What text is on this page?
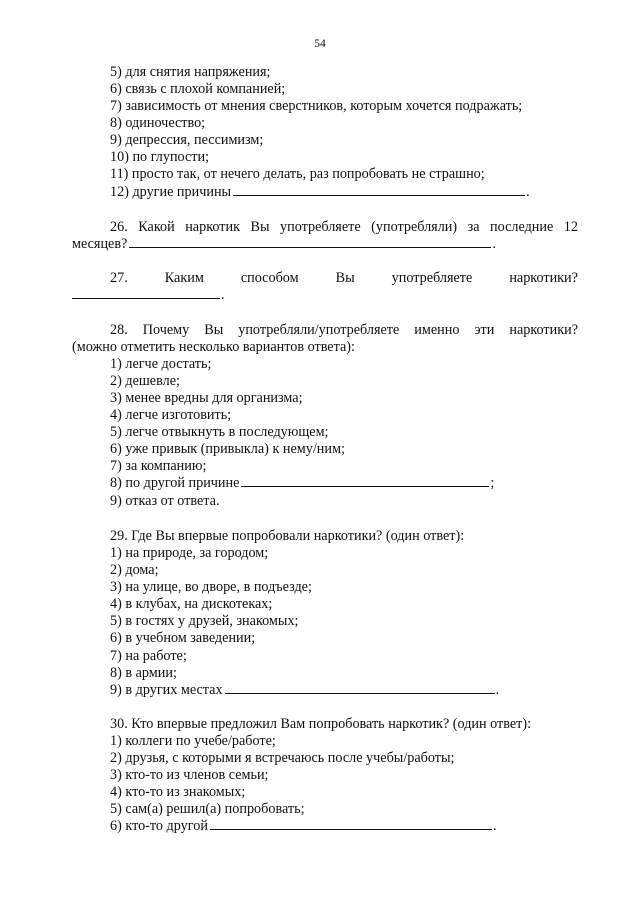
54
5) для снятия напряжения;
6) связь с плохой компанией;
7) зависимость от мнения сверстников, которым хочется подражать;
8) одиночество;
9) депрессия, пессимизм;
10) по глупости;
11) просто так, от нечего делать, раз попробовать не страшно;
12) другие причины	.
26. Какой наркотик Вы употребляете (употребляли) за последние 12
месяцев?	.
27.	Каким	способом	Вы	употребляете	наркотики?
.
28. Почему Вы употребляли/употребляете именно эти наркотики?
(можно отметить несколько вариантов ответа):
1) легче достать;
2) дешевле;
3) менее вредны для организма;
4) легче изготовить;
5) легче отвыкнуть в последующем;
6) уже привык (привыкла) к нему/ним;
7) за компанию;
8) по другой причине	;
9) отказ от ответа.
29. Где Вы впервые попробовали наркотики? (один ответ):
1) на природе, за городом;
2) дома;
3) на улице, во дворе, в подъезде;
4) в клубах, на дискотеках;
5) в гостях у друзей, знакомых;
6) в учебном заведении;
7) на работе;
8) в армии;
9) в других местах	.
30. Кто впервые предложил Вам попробовать наркотик? (один ответ):
1) коллеги по учебе/работе;
2) друзья, с которыми я встречаюсь после учебы/работы;
3) кто-то из членов семьи;
4) кто-то из знакомых;
5) сам(а) решил(а) попробовать;
6) кто-то другой	.
